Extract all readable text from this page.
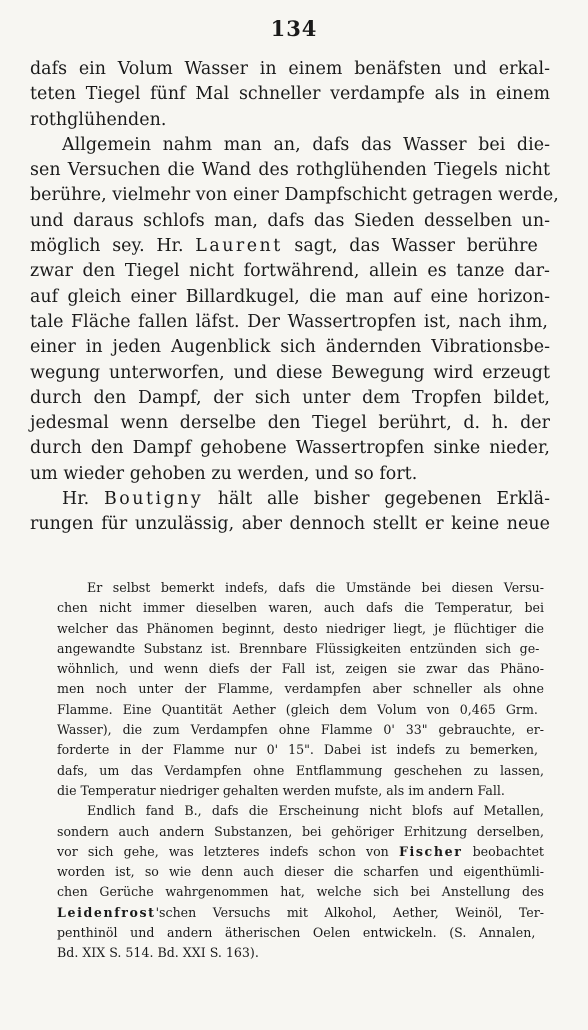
134
dafs ein Volum Wasser in einem benäfsten und erkal-
teten Tiegel fünf Mal schneller verdampfe als in einem
rothglühenden.
Allgemein nahm man an, dafs das Wasser bei die-
sen Versuchen die Wand des rothglühenden Tiegels nicht
berühre, vielmehr von einer Dampfschicht getragen werde,
und daraus schlofs man, dafs das Sieden desselben un-
möglich sey. Hr. Laurent sagt, das Wasser berühre
zwar den Tiegel nicht fortwährend, allein es tanze dar-
auf gleich einer Billardkugel, die man auf eine horizon-
tale Fläche fallen läfst. Der Wassertropfen ist, nach ihm,
einer in jeden Augenblick sich ändernden Vibrationsbe-
wegung unterworfen, und diese Bewegung wird erzeugt
durch den Dampf, der sich unter dem Tropfen bildet,
jedesmal wenn derselbe den Tiegel berührt, d. h. der
durch den Dampf gehobene Wassertropfen sinke nieder,
um wieder gehoben zu werden, und so fort.
Hr. Boutigny hält alle bisher gegebenen Erklä-
rungen für unzulässig, aber dennoch stellt er keine neue
Er selbst bemerkt indefs, dafs die Umstände bei diesen Versu-
chen nicht immer dieselben waren, auch dafs die Temperatur, bei
welcher das Phänomen beginnt, desto niedriger liegt, je flüchtiger die
angewandte Substanz ist. Brennbare Flüssigkeiten entzünden sich ge-
wöhnlich, und wenn diefs der Fall ist, zeigen sie zwar das Phäno-
men noch unter der Flamme, verdampfen aber schneller als ohne
Flamme. Eine Quantität Aether (gleich dem Volum von 0,465 Grm.
Wasser), die zum Verdampfen ohne Flamme 0' 33" gebrauchte, er-
forderte in der Flamme nur 0' 15". Dabei ist indefs zu bemerken,
dafs, um das Verdampfen ohne Entflammung geschehen zu lassen,
die Temperatur niedriger gehalten werden mufste, als im andern Fall.
Endlich fand B., dafs die Erscheinung nicht blofs auf Metallen,
sondern auch andern Substanzen, bei gehöriger Erhitzung derselben,
vor sich gehe, was letzteres indefs schon von Fischer beobachtet
worden ist, so wie denn auch dieser die scharfen und eigenthümli-
chen Gerüche wahrgenommen hat, welche sich bei Anstellung des
Leidenfrost'schen Versuchs mit Alkohol, Aether, Weinöl, Ter-
penthinöl und andern ätherischen Oelen entwickeln. (S. Annalen,
Bd. XIX S. 514. Bd. XXI S. 163).
